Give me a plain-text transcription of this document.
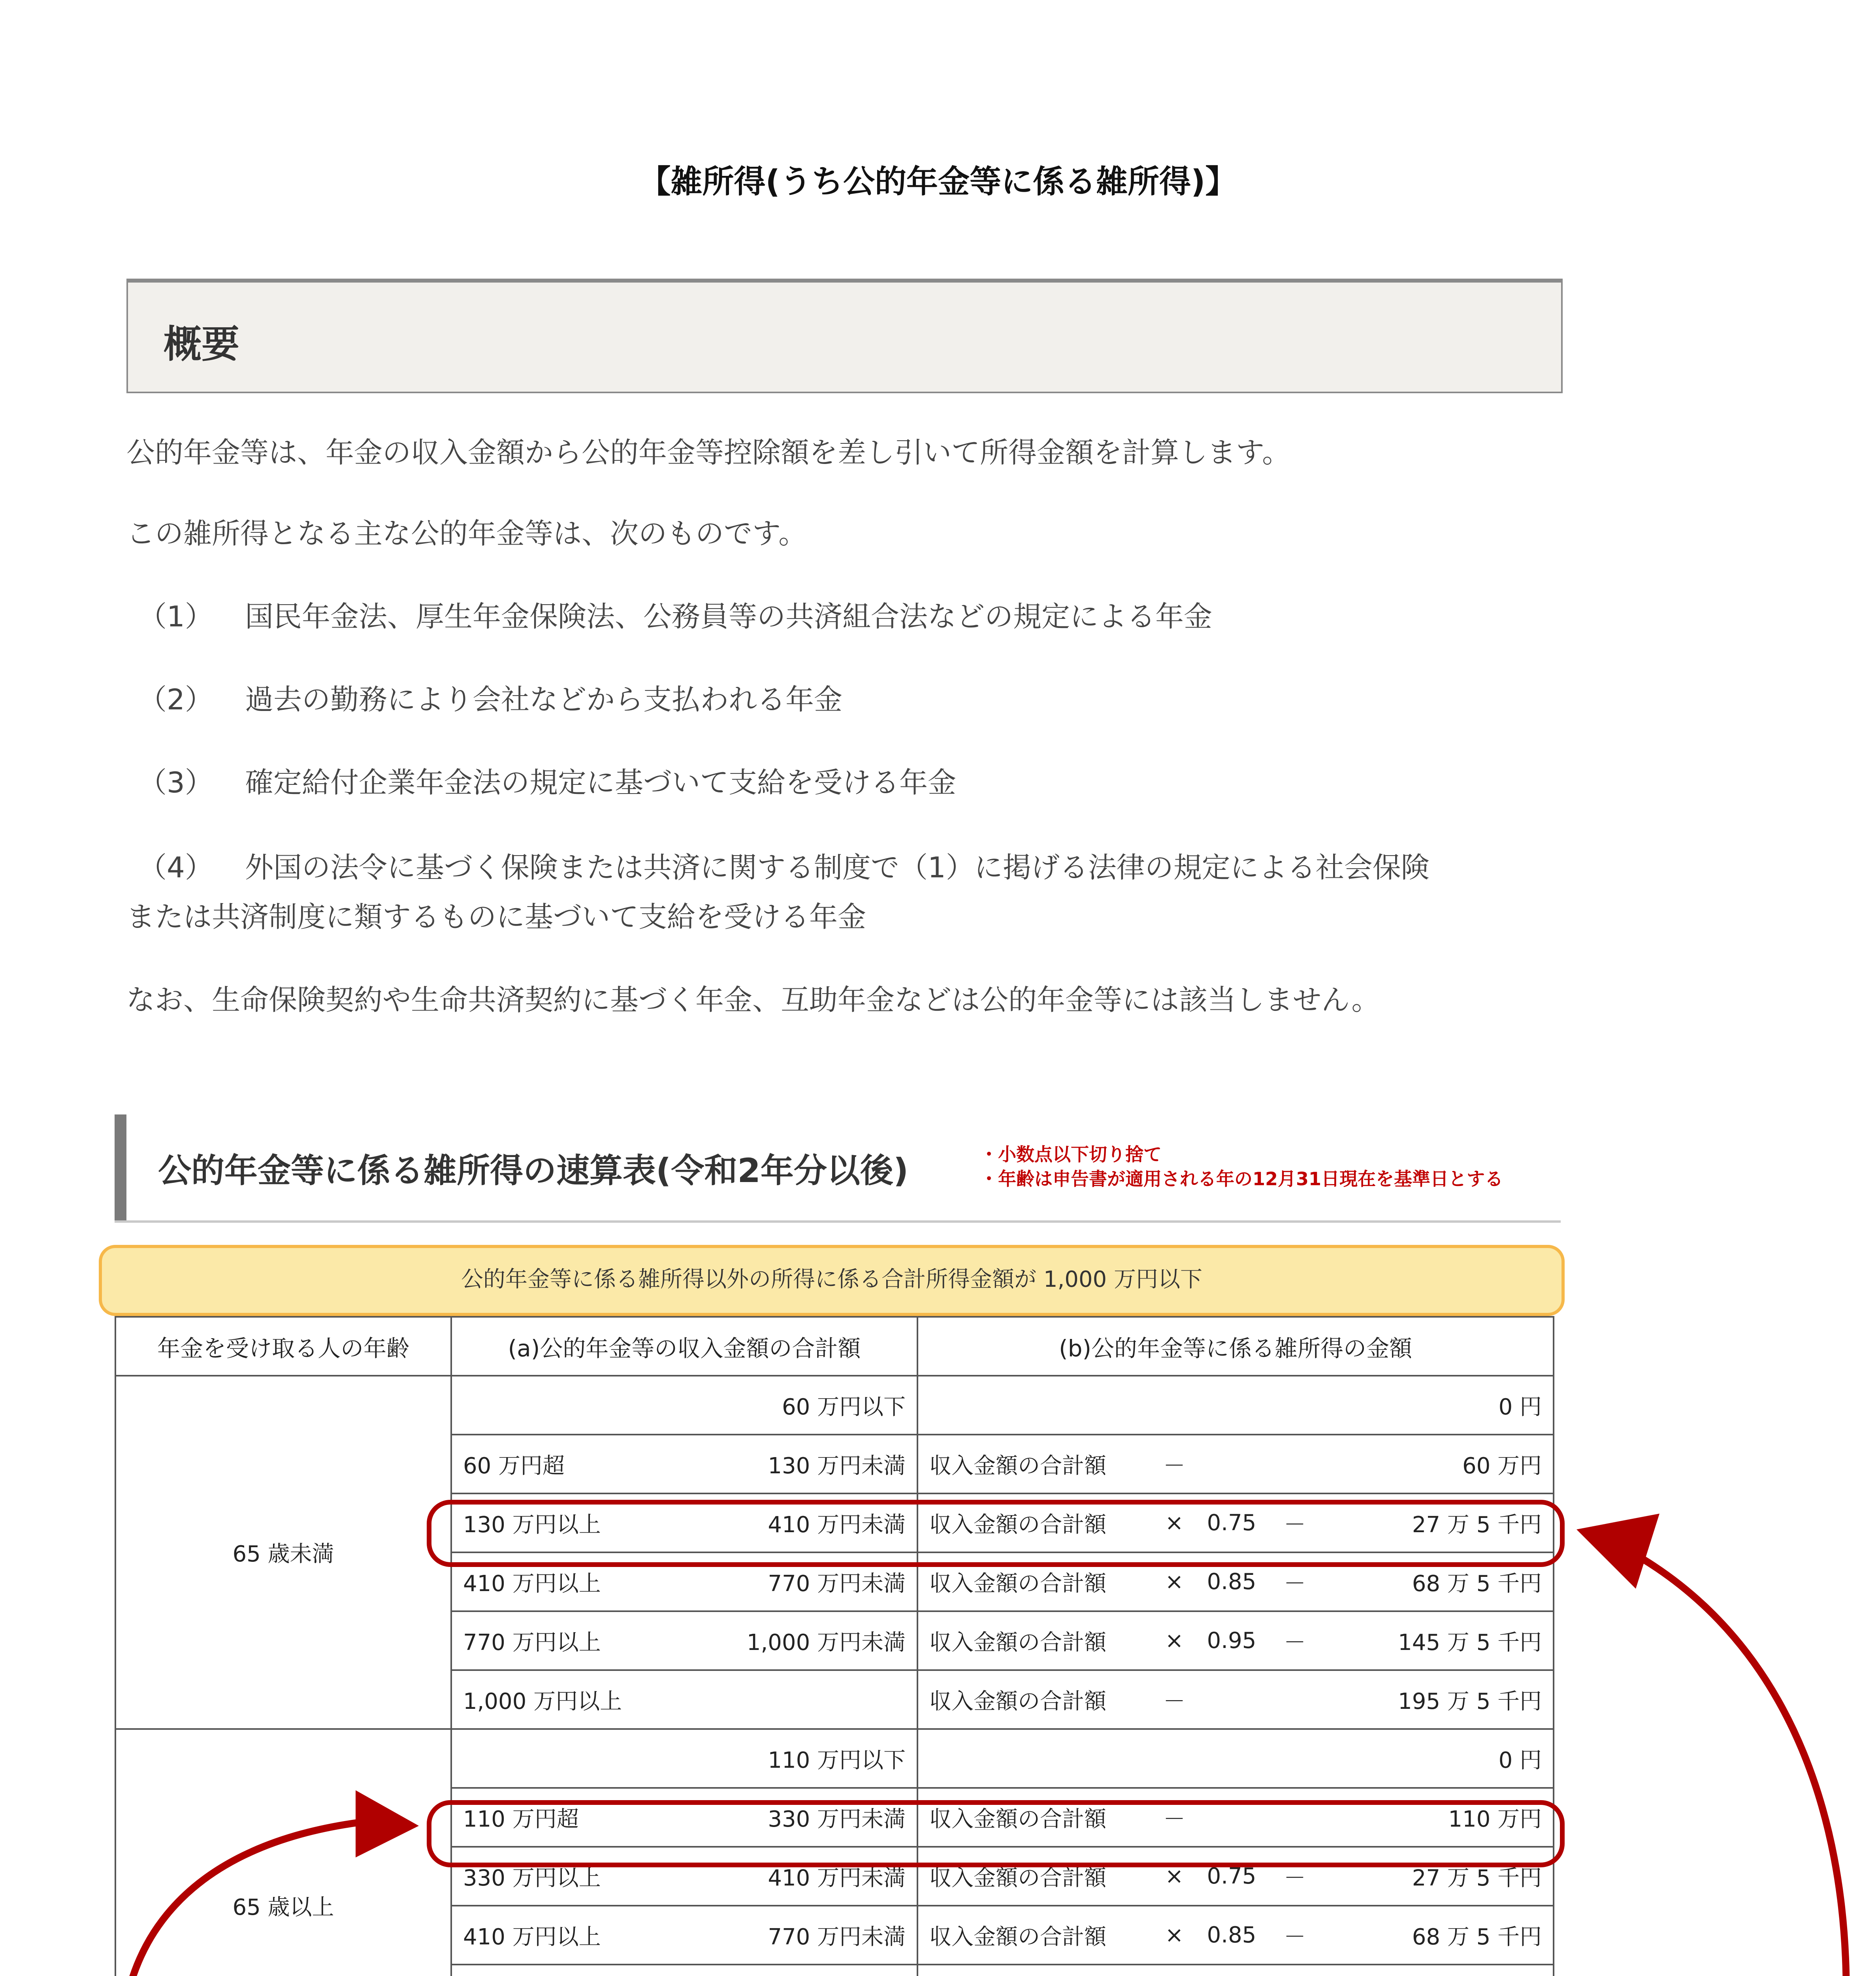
【雑所得(うち公的年金等に係る雑所得)】
概要
公的年金等は、年金の収入金額から公的年金等控除額を差し引いて所得金額を計算します。
この雑所得となる主な公的年金等は、次のものです。
（1） 国民年金法、厚生年金保険法、公務員等の共済組合法などの規定による年金
（2） 過去の勤務により会社などから支払われる年金
（3） 確定給付企業年金法の規定に基づいて支給を受ける年金
（4） 外国の法令に基づく保険または共済に関する制度で（1）に掲げる法律の規定による社会保険
または共済制度に類するものに基づいて支給を受ける年金
なお、生命保険契約や生命共済契約に基づく年金、互助年金などは公的年金等には該当しません。
公的年金等に係る雑所得の速算表(令和2年分以後)	・小数点以下切り捨て
・年齢は申告書が適用される年の12月31日現在を基準日とする
公的年金等に係る雑所得以外の所得に係る合計所得金額が 1,000 万円以下
年金を受け取る人の年齢	(a)公的年金等の収入金額の合計額	(b)公的年金等に係る雑所得の金額
65 歳未満	60 万円以下	0 円

	60 万円超 130 万円未満	収入金額の合計額 － 60 万円

	130 万円以上 410 万円未満	収入金額の合計額 × 0.75 － 27 万 5 千円

	410 万円以上 770 万円未満	収入金額の合計額 × 0.85 － 68 万 5 千円

	770 万円以上 1,000 万円未満	収入金額の合計額 × 0.95 － 145 万 5 千円

	1,000 万円以上	収入金額の合計額 － 195 万 5 千円

65 歳以上	110 万円以下	0 円

	110 万円超 330 万円未満	収入金額の合計額 － 110 万円

	330 万円以上 410 万円未満	収入金額の合計額 × 0.75 － 27 万 5 千円

	410 万円以上 770 万円未満	収入金額の合計額 × 0.85 － 68 万 5 千円
